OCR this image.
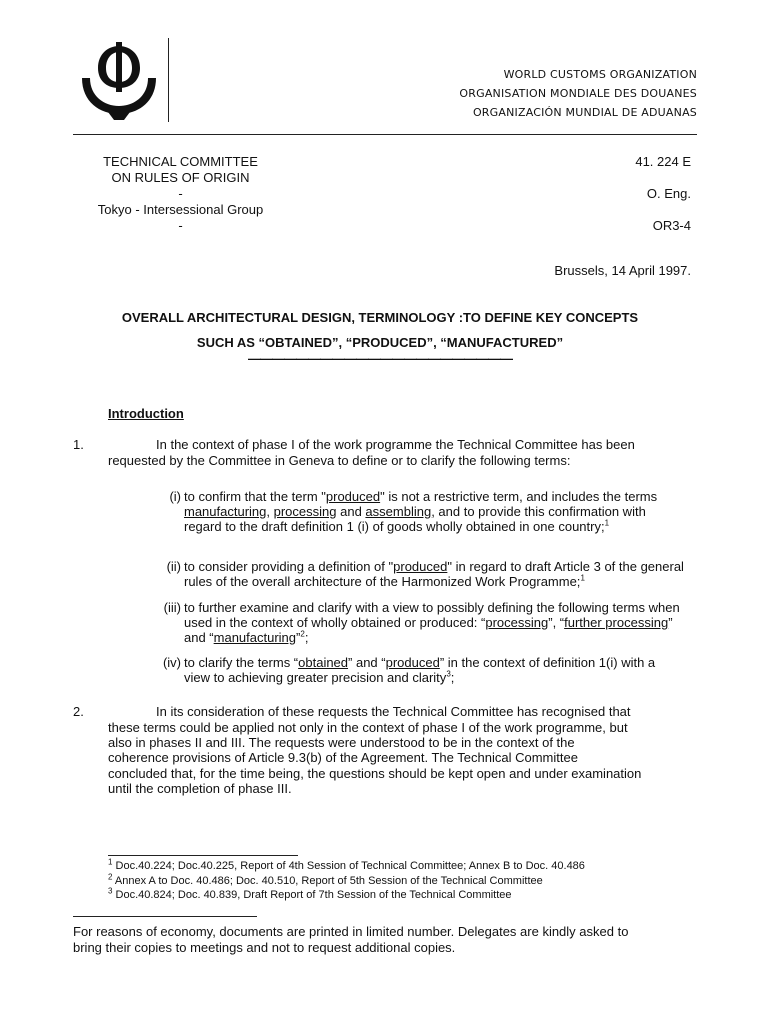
WORLD CUSTOMS ORGANIZATION
ORGANISATION MONDIALE DES DOUANES
ORGANIZACIÓN MUNDIAL DE ADUANAS
TECHNICAL COMMITTEE
ON RULES OF ORIGIN
-
Tokyo - Intersessional Group
-
41. 224 E
O. Eng.
OR3-4
Brussels, 14 April 1997.
OVERALL ARCHITECTURAL DESIGN, TERMINOLOGY :TO DEFINE KEY CONCEPTS
SUCH AS “OBTAINED”, “PRODUCED”, “MANUFACTURED”
——————————————————————
Introduction
1.	In the context of phase I of the work programme the Technical Committee has been
requested by the Committee in Geneva to define or to clarify the following terms:
(i) to confirm that the term "produced" is not a restrictive term, and includes the terms manufacturing, processing and assembling, and to provide this confirmation with regard to the draft definition 1 (i) of goods wholly obtained in one country;$^1$
(ii) to consider providing a definition of "produced" in regard to draft Article 3 of the general rules of the overall architecture of the Harmonized Work Programme;$^1$
(iii) to further examine and clarify with a view to possibly defining the following terms when used in the context of wholly obtained or produced: “processing”, “further processing” and “manufacturing”$^2$;
(iv) to clarify the terms “obtained” and “produced” in the context of definition 1(i) with a view to achieving greater precision and clarity$^3$;
2.	In its consideration of these requests the Technical Committee has recognised that
these terms could be applied not only in the context of phase I of the work programme, but
also in phases II and III. The requests were understood to be in the context of the
coherence provisions of Article 9.3(b) of the Agreement. The Technical Committee
concluded that, for the time being, the questions should be kept open and under examination
until the completion of phase III.
$^1$ Doc.40.224; Doc.40.225, Report of 4th Session of Technical Committee; Annex B to Doc. 40.486
$^2$ Annex A to Doc. 40.486; Doc. 40.510, Report of 5th Session of the Technical Committee
$^3$ Doc.40.824; Doc. 40.839, Draft Report of 7th Session of the Technical Committee
For reasons of economy, documents are printed in limited number. Delegates are kindly asked to
bring their copies to meetings and not to request additional copies.
